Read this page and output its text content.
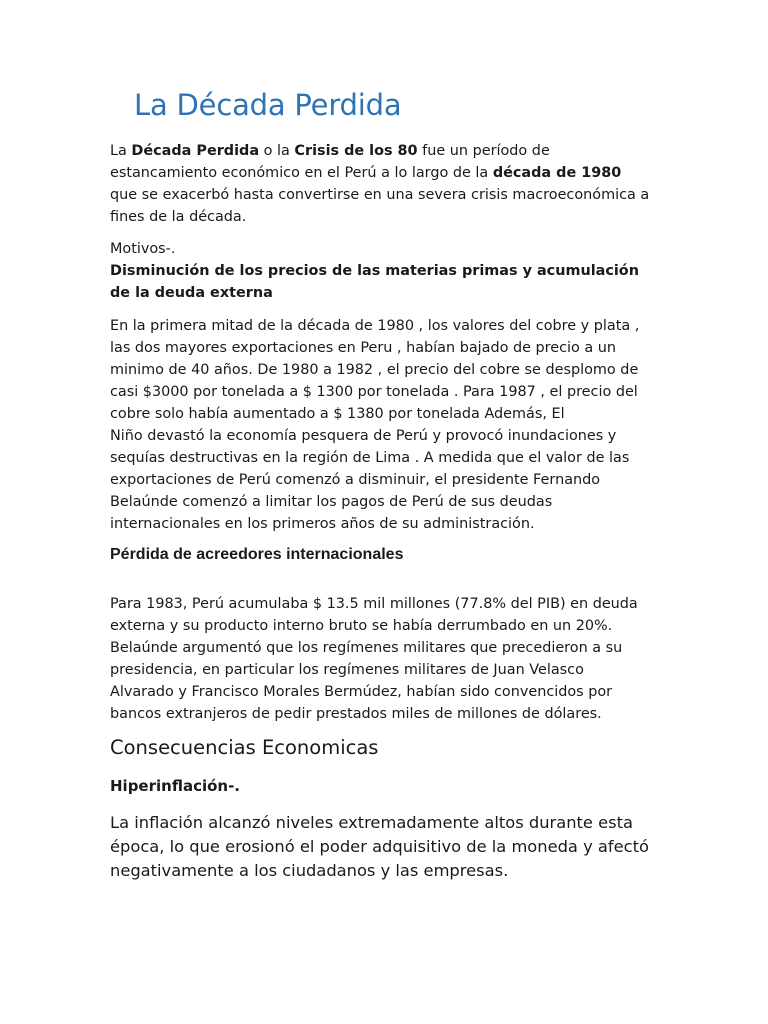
La Década Perdida

La Década Perdida o la Crisis de los 80 fue un período de estancamiento económico en el Perú a lo largo de la década de 1980 que se exacerbó hasta convertirse en una severa crisis macroeconómica a fines de la década.

Motivos-.

Disminución de los precios de las materias primas y acumulación de la deuda externa

En la primera mitad de la década de 1980 , los valores del cobre y plata ,
las dos mayores exportaciones en Peru , habían bajado de precio a un
minimo de 40 años. De 1980 a 1982 , el precio del cobre se desplomo de
casi $3000 por tonelada a $ 1300 por tonelada . Para 1987 , el precio del
cobre solo había aumentado a $ 1380 por tonelada Además, El
Niño devastó la economía pesquera de Perú y provocó inundaciones y
sequías destructivas en la región de Lima . A medida que el valor de las
exportaciones de Perú comenzó a disminuir, el presidente Fernando
Belaúnde comenzó a limitar los pagos de Perú de sus deudas
internacionales en los primeros años de su administración.
Pérdida de acreedores internacionales
Para 1983, Perú acumulaba $ 13.5 mil millones (77.8% del PIB) en deuda
externa y su producto interno bruto se había derrumbado en un 20%.
Belaúnde argumentó que los regímenes militares que precedieron a su
presidencia, en particular los regímenes militares de Juan Velasco
Alvarado y Francisco Morales Bermúdez, habían sido convencidos por
bancos extranjeros de pedir prestados miles de millones de dólares.
Consecuencias Economicas
Hiperinflación-.
La inflación alcanzó niveles extremadamente altos durante esta
época, lo que erosionó el poder adquisitivo de la moneda y afectó
negativamente a los ciudadanos y las empresas.
